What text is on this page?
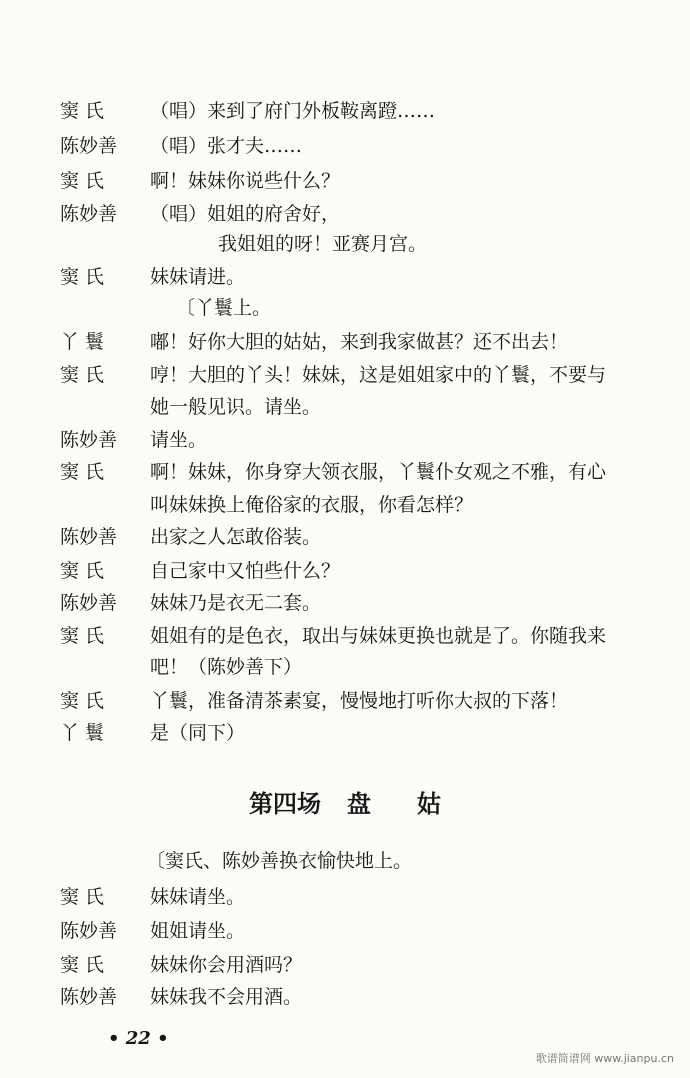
窦 氏	（唱）来到了府门外板鞍离蹬……
陈妙善	（唱）张才夫……
窦 氏	啊！妹妹你说些什么？
陈妙善	（唱）姐姐的府舍好，
我姐姐的呀！亚赛月宫。
窦 氏	妹妹请进。
〔丫鬟上。
丫 鬟	嘟！好你大胆的姑姑，来到我家做甚？还不出去！
窦 氏	哼！大胆的丫头！妹妹，这是姐姐家中的丫鬟，不要与
她一般见识。请坐。
陈妙善	请坐。
窦 氏	啊！妹妹，你身穿大领衣服，丫鬟仆女观之不雅，有心
叫妹妹换上俺俗家的衣服，你看怎样？
陈妙善	出家之人怎敢俗装。
窦 氏	自己家中又怕些什么？
陈妙善	妹妹乃是衣无二套。
窦 氏	姐姐有的是色衣，取出与妹妹更换也就是了。你随我来
吧！（陈妙善下）
窦 氏	丫鬟，准备清茶素宴，慢慢地打听你大叔的下落！
丫 鬟	是（同下）
第四场 盘 姑
〔窦氏、陈妙善换衣愉快地上。
窦 氏	妹妹请坐。
陈妙善	姐姐请坐。
窦 氏	妹妹你会用酒吗？
陈妙善	妹妹我不会用酒。
• 22 •
歌谱简谱网 www.jianpu.cn
